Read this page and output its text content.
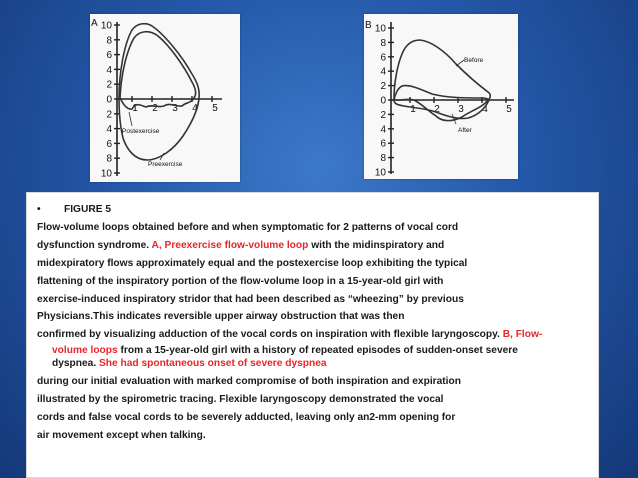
A 10
8
6
4
2
0
2
4
6
8
10
1 2 3 4 5
Postexercise
Preexercise
B 10
8
6
4
2
0
2
4
6
8
10
1 2 3 4 5
Before
After
• FIGURE 5
Flow-volume loops obtained before and when symptomatic for 2 patterns of vocal cord
dysfunction syndrome. A, Preexercise flow-volume loop with the midinspiratory and
midexpiratory flows approximately equal and the postexercise loop exhibiting the typical
flattening of the inspiratory portion of the flow-volume loop in a 15-year-old girl with
exercise-induced inspiratory stridor that had been described as “wheezing” by previous
Physicians.This indicates reversible upper airway obstruction that was then
confirmed by visualizing adduction of the vocal cords on inspiration with flexible laryngoscopy. B, Flow-
volume loops from a 15-year-old girl with a history of repeated episodes of sudden-onset severe
dyspnea. She had spontaneous onset of severe dyspnea
during our initial evaluation with marked compromise of both inspiration and expiration
illustrated by the spirometric tracing. Flexible laryngoscopy demonstrated the vocal
cords and false vocal cords to be severely adducted, leaving only an2-mm opening for
air movement except when talking.
